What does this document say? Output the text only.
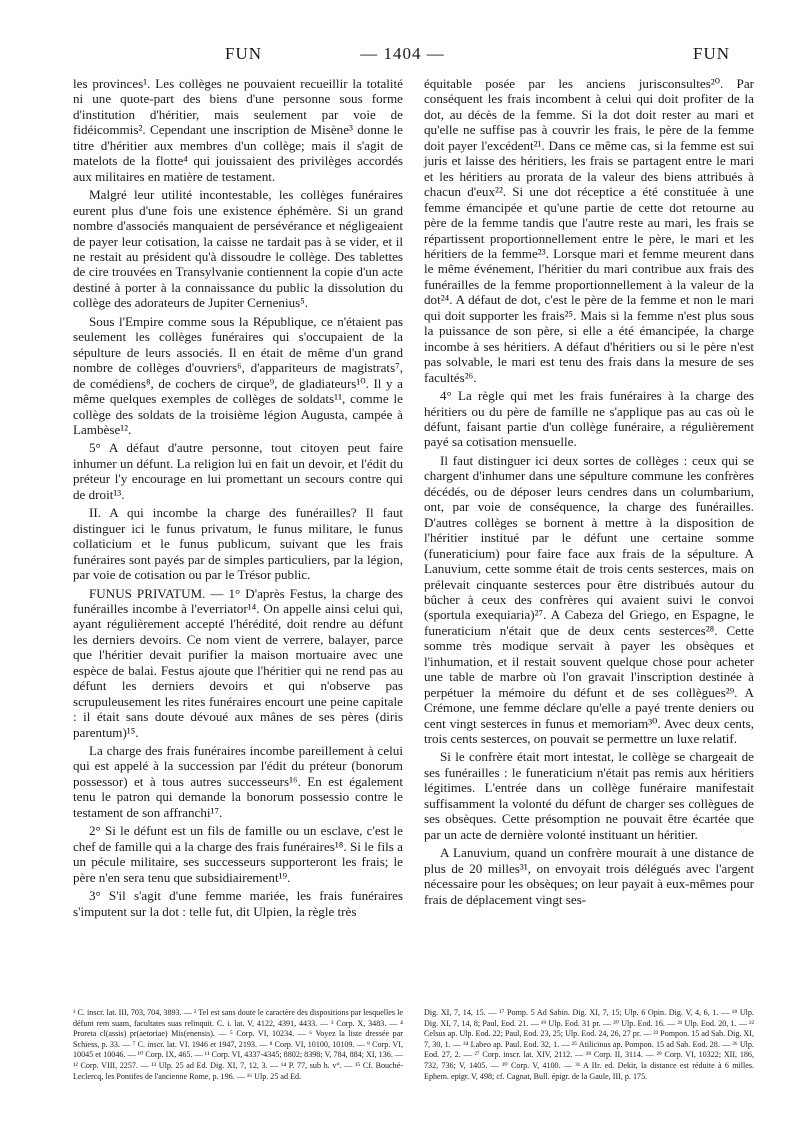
FUN	— 1404 —	FUN

les provinces¹. Les collèges ne pouvaient recueillir la totalité ni une quote-part des biens d'une personne sous forme d'institution d'héritier, mais seulement par voie de fidéicommis². Cependant une inscription de Misène³ donne le titre d'héritier aux membres d'un collège; mais il s'agit de matelots de la flotte⁴ qui jouissaient des privilèges accordés aux militaires en matière de testament.

Malgré leur utilité incontestable, les collèges funéraires eurent plus d'une fois une existence éphémère. Si un grand nombre d'associés manquaient de persévérance et négligeaient de payer leur cotisation, la caisse ne tardait pas à se vider, et il ne restait au président qu'à dissoudre le collège. Des tablettes de cire trouvées en Transylvanie contiennent la copie d'un acte destiné à porter à la connaissance du public la dissolution du collège des adorateurs de Jupiter Cernenius⁵.

Sous l'Empire comme sous la République, ce n'étaient pas seulement les collèges funéraires qui s'occupaient de la sépulture de leurs associés. Il en était de même d'un grand nombre de collèges d'ouvriers⁶, d'appariteurs de magistrats⁷, de comédiens⁸, de cochers de cirque⁹, de gladiateurs¹⁰. Il y a même quelques exemples de collèges de soldats¹¹, comme le collège des soldats de la troisième légion Augusta, campée à Lambèse¹².

5° A défaut d'autre personne, tout citoyen peut faire inhumer un défunt. La religion lui en fait un devoir, et l'édit du préteur l'y encourage en lui promettant un secours contre qui de droit¹³.

II. A qui incombe la charge des funérailles? Il faut distinguer ici le funus privatum, le funus militare, le funus collaticium et le funus publicum, suivant que les frais funéraires sont payés par de simples particuliers, par la légion, par voie de cotisation ou par le Trésor public.

FUNUS PRIVATUM. — 1° D'après Festus, la charge des funérailles incombe à l'everriator¹⁴. On appelle ainsi celui qui, ayant régulièrement accepté l'hérédité, doit rendre au défunt les derniers devoirs. Ce nom vient de verrere, balayer, parce que l'héritier devait purifier la maison mortuaire avec une espèce de balai. Festus ajoute que l'héritier qui ne rend pas au défunt les derniers devoirs et qui n'observe pas scrupuleusement les rites funéraires encourt une peine capitale : il était sans doute dévoué aux mânes de ses pères (diris parentum)¹⁵.

La charge des frais funéraires incombe pareillement à celui qui est appelé à la succession par l'édit du préteur (bonorum possessor) et à tous autres successeurs¹⁶. En est également tenu le patron qui demande la bonorum possessio contre le testament de son affranchi¹⁷.

2° Si le défunt est un fils de famille ou un esclave, c'est le chef de famille qui a la charge des frais funéraires¹⁸. Si le fils a un pécule militaire, ses successeurs supporteront les frais; le père n'en sera tenu que subsidiairement¹⁹.

3° S'il s'agit d'une femme mariée, les frais funéraires s'imputent sur la dot : telle fut, dit Ulpien, la règle très

équitable posée par les anciens jurisconsultes²⁰. Par conséquent les frais incombent à celui qui doit profiter de la dot, au décès de la femme. Si la dot doit rester au mari et qu'elle ne suffise pas à couvrir les frais, le père de la femme doit payer l'excédent²¹. Dans ce même cas, si la femme est sui juris et laisse des héritiers, les frais se partagent entre le mari et les héritiers au prorata de la valeur des biens attribués à chacun d'eux²². Si une dot réceptice a été constituée à une femme émancipée et qu'une partie de cette dot retourne au père de la femme tandis que l'autre reste au mari, les frais se répartissent proportionnellement entre le père, le mari et les héritiers de la femme²³. Lorsque mari et femme meurent dans le même événement, l'héritier du mari contribue aux frais des funérailles de la femme proportionnellement à la valeur de la dot²⁴. A défaut de dot, c'est le père de la femme et non le mari qui doit supporter les frais²⁵. Mais si la femme n'est plus sous la puissance de son père, si elle a été émancipée, la charge incombe à ses héritiers. A défaut d'héritiers ou si le père n'est pas solvable, le mari est tenu des frais dans la mesure de ses facultés²⁶.

4° La règle qui met les frais funéraires à la charge des héritiers ou du père de famille ne s'applique pas au cas où le défunt, faisant partie d'un collège funéraire, a régulièrement payé sa cotisation mensuelle.

Il faut distinguer ici deux sortes de collèges : ceux qui se chargent d'inhumer dans une sépulture commune les confrères décédés, ou de déposer leurs cendres dans un columbarium, ont, par voie de conséquence, la charge des funérailles. D'autres collèges se bornent à mettre à la disposition de l'héritier institué par le défunt une certaine somme (funeraticium) pour faire face aux frais de la sépulture. A Lanuvium, cette somme était de trois cents sesterces, mais on prélevait cinquante sesterces pour être distribués autour du bûcher à ceux des confrères qui avaient suivi le convoi (sportula exequiaria)²⁷. A Cabeza del Griego, en Espagne, le funeraticium n'était que de deux cents sesterces²⁸. Cette somme très modique servait à payer les obsèques et l'inhumation, et il restait souvent quelque chose pour acheter une table de marbre où l'on gravait l'inscription destinée à perpétuer la mémoire du défunt et de ses collègues²⁹. A Crémone, une femme déclare qu'elle a payé trente deniers ou cent vingt sesterces in funus et memoriam³⁰. Avec deux cents, trois cents sesterces, on pouvait se permettre un luxe relatif.

Si le confrère était mort intestat, le collège se chargeait de ses funérailles : le funeraticium n'était pas remis aux héritiers légitimes. L'entrée dans un collège funéraire manifestait suffisamment la volonté du défunt de charger ses collègues de ses obsèques. Cette présomption ne pouvait être écartée que par un acte de dernière volonté instituant un héritier.

A Lanuvium, quand un confrère mourait à une distance de plus de 20 milles³¹, on envoyait trois délégués avec l'argent nécessaire pour les obsèques; on leur payait à eux-mêmes pour frais de déplacement vingt ses-

¹ C. inscr. lat. III, 703, 704, 3893. — ² Tel est sans doute le caractère des dispositions par lesquelles le défunt rem suam, facultates suas relinquit. C. i. lat. V, 4122, 4391, 4433. — ³ Corp. X, 3483. — ⁴ Proreta cl(assis) pr(aetoriae) Mis(enensis). — ⁵ Corp. VI, 10234. — ⁶ Voyez la liste dressée par Schiess, p. 33. — ⁷ C. inscr. lat. VI. 1946 et 1947, 2193. — ⁸ Corp. VI, 10100, 10109. — ⁹ Corp. VI, 10045 et 10046. — ¹⁰ Corp. IX, 465. — ¹¹ Corp. VI, 4337-4345; 8802; 8398; V, 784, 884; XI, 136. — ¹² Corp. VIII, 2257. — ¹³ Ulp. 25 ad Ed. Dig. XI, 7, 12, 3. — ¹⁴ P. 77, sub h. v°. — ¹⁵ Cf. Bouché-Leclercq, les Pontifes de l'ancienne Rome, p. 196. — ¹⁶ Ulp. 25 ad Ed.
Dig. XI, 7, 14, 15. — ¹⁷ Pomp. 5 Ad Sabin. Dig. XI, 7, 15; Ulp. 6 Opin. Dig. V, 4, 6, 1. — ¹⁸ Ulp. Dig. XI, 7, 14, 8; Paul, Eod. 21. — ¹⁹ Ulp. Eod. 31 pr. — ²⁰ Ulp. Eod. 16. — ²¹ Ulp. Eod. 20, 1. — ²² Celsus ap. Ulp. Eod. 22; Paul, Eod. 23, 25; Ulp. Eod. 24, 26, 27 pr. — ²³ Pompon. 15 ad Sab. Dig. XI, 7, 30, 1. — ²⁴ Labeo ap. Paul. Eod. 32, 1. — ²⁵ Atilicinus ap. Pompon. 15 ad Sab. Eod. 28. — ²⁶ Ulp. Eod. 27, 2. — ²⁷ Corp. inscr. lat. XIV, 2112. — ²⁸ Corp. II, 3114. — ²⁹ Corp. VI, 10322; XII, 186, 732, 736; V, 1405. — ³⁰ Corp. V, 4100. — ³¹ A IIr. ed. Dekir, la distance est réduite à 6 milles. Ephem. epigr. V, 498; cf. Cagnat, Bull. épigr. de la Gaule, III, p. 175.
